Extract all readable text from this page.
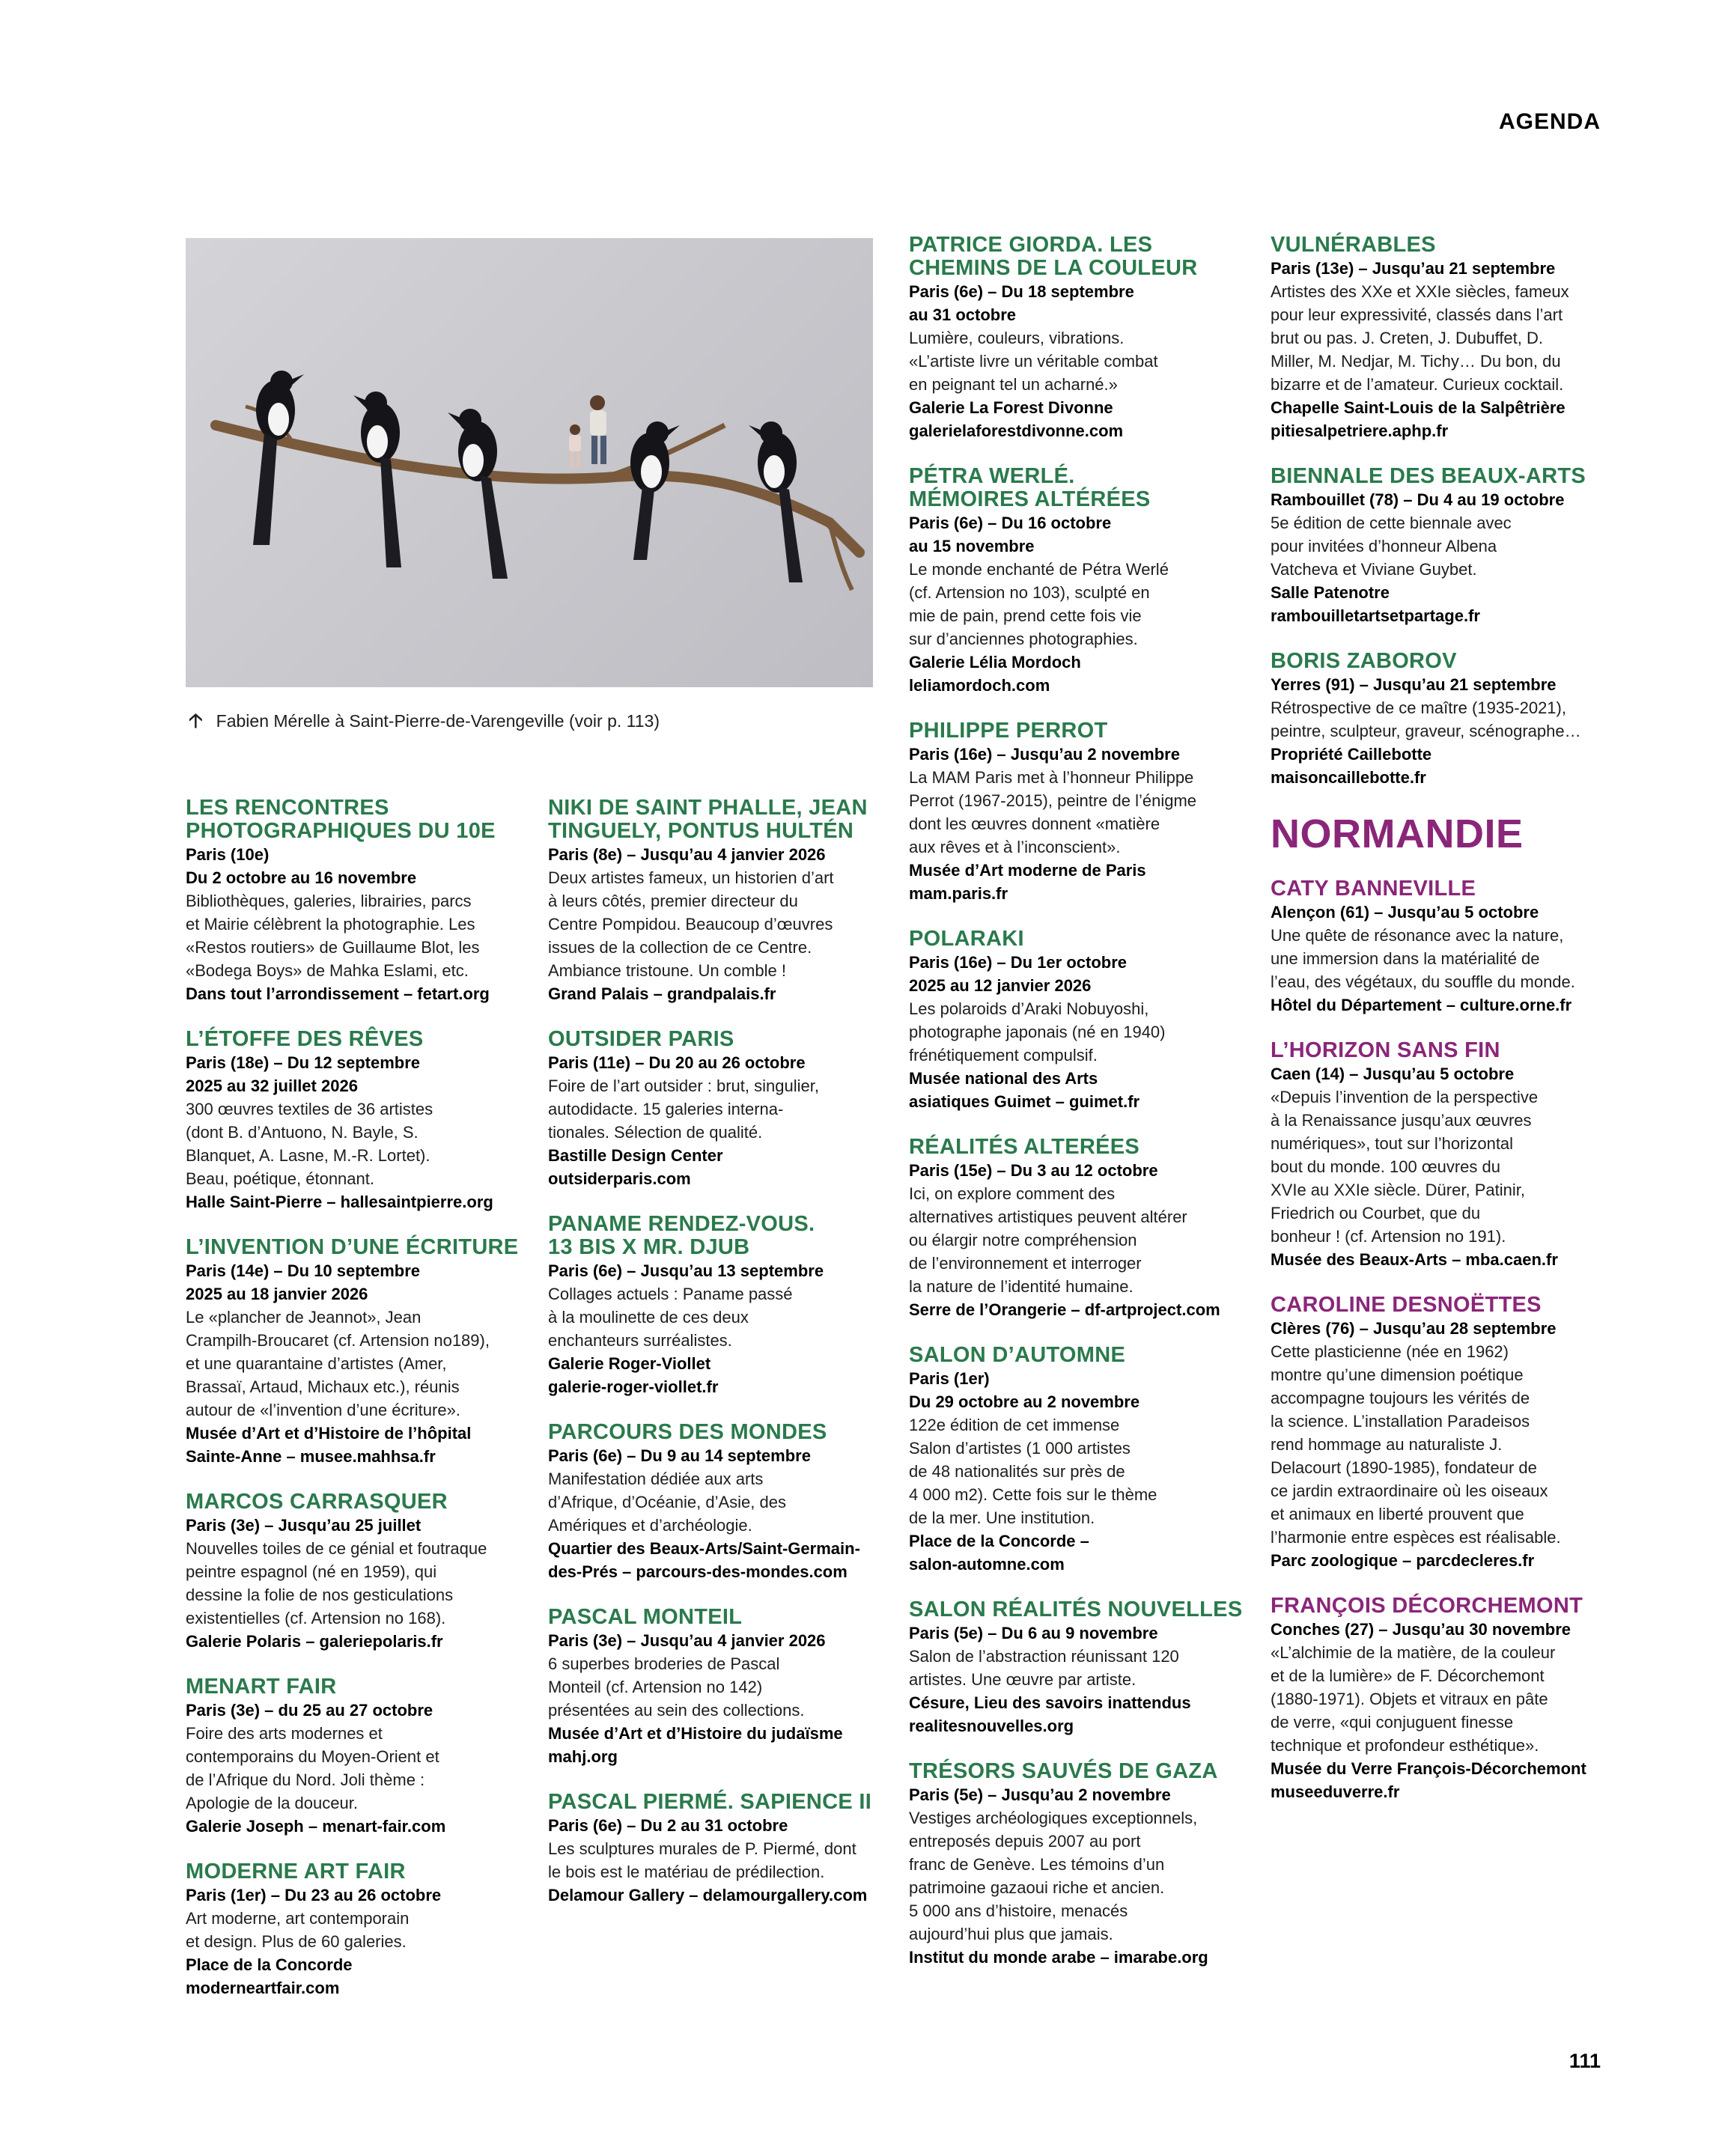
AGENDA
🡡 Fabien Mérelle à Saint-Pierre-de-Varengeville (voir p. 113)
LES RENCONTRES
PHOTOGRAPHIQUES DU 10E
Paris (10e)
Du 2 octobre au 16 novembre
Bibliothèques, galeries, librairies, parcs
et Mairie célèbrent la photographie. Les
«Restos routiers» de Guillaume Blot, les
«Bodega Boys» de Mahka Eslami, etc.
Dans tout l’arrondissement – fetart.org
L’ÉTOFFE DES RÊVES
Paris (18e) – Du 12 septembre
2025 au 32 juillet 2026
300 œuvres textiles de 36 artistes
(dont B. d’Antuono, N. Bayle, S.
Blanquet, A. Lasne, M.-R. Lortet).
Beau, poétique, étonnant.
Halle Saint-Pierre – hallesaintpierre.org
L’INVENTION D’UNE ÉCRITURE
Paris (14e) – Du 10 septembre
2025 au 18 janvier 2026
Le «plancher de Jeannot», Jean
Crampilh-Broucaret (cf. Artension no189),
et une quarantaine d’artistes (Amer,
Brassaï, Artaud, Michaux etc.), réunis
autour de «l’invention d’une écriture».
Musée d’Art et d’Histoire de l’hôpital
Sainte-Anne – musee.mahhsa.fr
MARCOS CARRASQUER
Paris (3e) – Jusqu’au 25 juillet
Nouvelles toiles de ce génial et foutraque
peintre espagnol (né en 1959), qui
dessine la folie de nos gesticulations
existentielles (cf. Artension no 168).
Galerie Polaris – galeriepolaris.fr
MENART FAIR
Paris (3e) – du 25 au 27 octobre
Foire des arts modernes et
contemporains du Moyen-Orient et
de l’Afrique du Nord. Joli thème :
Apologie de la douceur.
Galerie Joseph – menart-fair.com
MODERNE ART FAIR
Paris (1er) – Du 23 au 26 octobre
Art moderne, art contemporain
et design. Plus de 60 galeries.
Place de la Concorde
moderneartfair.com
NIKI DE SAINT PHALLE, JEAN
TINGUELY, PONTUS HULTÉN
Paris (8e) – Jusqu’au 4 janvier 2026
Deux artistes fameux, un historien d’art
à leurs côtés, premier directeur du
Centre Pompidou. Beaucoup d’œuvres
issues de la collection de ce Centre.
Ambiance tristoune. Un comble !
Grand Palais – grandpalais.fr
OUTSIDER PARIS
Paris (11e) – Du 20 au 26 octobre
Foire de l’art outsider : brut, singulier,
autodidacte. 15 galeries interna-
tionales. Sélection de qualité.
Bastille Design Center
outsiderparis.com
PANAME RENDEZ-VOUS.
13 BIS X MR. DJUB
Paris (6e) – Jusqu’au 13 septembre
Collages actuels : Paname passé
à la moulinette de ces deux
enchanteurs surréalistes.
Galerie Roger-Viollet
galerie-roger-viollet.fr
PARCOURS DES MONDES
Paris (6e) – Du 9 au 14 septembre
Manifestation dédiée aux arts
d’Afrique, d’Océanie, d’Asie, des
Amériques et d’archéologie.
Quartier des Beaux-Arts/Saint-Germain-
des-Prés – parcours-des-mondes.com
PASCAL MONTEIL
Paris (3e) – Jusqu’au 4 janvier 2026
6 superbes broderies de Pascal
Monteil (cf. Artension no 142)
présentées au sein des collections.
Musée d’Art et d’Histoire du judaïsme
mahj.org
PASCAL PIERMÉ. SAPIENCE II
Paris (6e) – Du 2 au 31 octobre
Les sculptures murales de P. Piermé, dont
le bois est le matériau de prédilection.
Delamour Gallery – delamourgallery.com
PATRICE GIORDA. LES
CHEMINS DE LA COULEUR
Paris (6e) – Du 18 septembre
au 31 octobre
Lumière, couleurs, vibrations.
«L’artiste livre un véritable combat
en peignant tel un acharné.»
Galerie La Forest Divonne
galerielaforestdivonne.com
PÉTRA WERLÉ.
MÉMOIRES ALTÉRÉES
Paris (6e) – Du 16 octobre
au 15 novembre
Le monde enchanté de Pétra Werlé
(cf. Artension no 103), sculpté en
mie de pain, prend cette fois vie
sur d’anciennes photographies.
Galerie Lélia Mordoch
leliamordoch.com
PHILIPPE PERROT
Paris (16e) – Jusqu’au 2 novembre
La MAM Paris met à l’honneur Philippe
Perrot (1967-2015), peintre de l’énigme
dont les œuvres donnent «matière
aux rêves et à l’inconscient».
Musée d’Art moderne de Paris
mam.paris.fr
POLARAKI
Paris (16e) – Du 1er octobre
2025 au 12 janvier 2026
Les polaroids d’Araki Nobuyoshi,
photographe japonais (né en 1940)
frénétiquement compulsif.
Musée national des Arts
asiatiques Guimet – guimet.fr
RÉALITÉS ALTERÉES
Paris (15e) – Du 3 au 12 octobre
Ici, on explore comment des
alternatives artistiques peuvent altérer
ou élargir notre compréhension
de l’environnement et interroger
la nature de l’identité humaine.
Serre de l’Orangerie – df-artproject.com
SALON D’AUTOMNE
Paris (1er)
Du 29 octobre au 2 novembre
122e édition de cet immense
Salon d’artistes (1 000 artistes
de 48 nationalités sur près de
4 000 m2). Cette fois sur le thème
de la mer. Une institution.
Place de la Concorde –
salon-automne.com
SALON RÉALITÉS NOUVELLES
Paris (5e) – Du 6 au 9 novembre
Salon de l’abstraction réunissant 120
artistes. Une œuvre par artiste.
Césure, Lieu des savoirs inattendus
realitesnouvelles.org
TRÉSORS SAUVÉS DE GAZA
Paris (5e) – Jusqu’au 2 novembre
Vestiges archéologiques exceptionnels,
entreposés depuis 2007 au port
franc de Genève. Les témoins d’un
patrimoine gazaoui riche et ancien.
5 000 ans d’histoire, menacés
aujourd’hui plus que jamais.
Institut du monde arabe – imarabe.org
VULNÉRABLES
Paris (13e) – Jusqu’au 21 septembre
Artistes des XXe et XXIe siècles, fameux
pour leur expressivité, classés dans l’art
brut ou pas. J. Creten, J. Dubuffet, D.
Miller, M. Nedjar, M. Tichy… Du bon, du
bizarre et de l’amateur. Curieux cocktail.
Chapelle Saint-Louis de la Salpêtrière
pitiesalpetriere.aphp.fr
BIENNALE DES BEAUX-ARTS
Rambouillet (78) – Du 4 au 19 octobre
5e édition de cette biennale avec
pour invitées d’honneur Albena
Vatcheva et Viviane Guybet.
Salle Patenotre
rambouilletartsetpartage.fr
BORIS ZABOROV
Yerres (91) – Jusqu’au 21 septembre
Rétrospective de ce maître (1935-2021),
peintre, sculpteur, graveur, scénographe…
Propriété Caillebotte
maisoncaillebotte.fr
NORMANDIE
CATY BANNEVILLE
Alençon (61) – Jusqu’au 5 octobre
Une quête de résonance avec la nature,
une immersion dans la matérialité de
l’eau, des végétaux, du souffle du monde.
Hôtel du Département – culture.orne.fr
L’HORIZON SANS FIN
Caen (14) – Jusqu’au 5 octobre
«Depuis l’invention de la perspective
à la Renaissance jusqu’aux œuvres
numériques», tout sur l’horizontal
bout du monde. 100 œuvres du
XVIe au XXIe siècle. Dürer, Patinir,
Friedrich ou Courbet, que du
bonheur ! (cf. Artension no 191).
Musée des Beaux-Arts – mba.caen.fr
CAROLINE DESNOËTTES
Clères (76) – Jusqu’au 28 septembre
Cette plasticienne (née en 1962)
montre qu’une dimension poétique
accompagne toujours les vérités de
la science. L’installation Paradeisos
rend hommage au naturaliste J.
Delacourt (1890-1985), fondateur de
ce jardin extraordinaire où les oiseaux
et animaux en liberté prouvent que
l’harmonie entre espèces est réalisable.
Parc zoologique – parcdecleres.fr
FRANÇOIS DÉCORCHEMONT
Conches (27) – Jusqu’au 30 novembre
«L’alchimie de la matière, de la couleur
et de la lumière» de F. Décorchemont
(1880-1971). Objets et vitraux en pâte
de verre, «qui conjuguent finesse
technique et profondeur esthétique».
Musée du Verre François-Décorchemont
museeduverre.fr
111
